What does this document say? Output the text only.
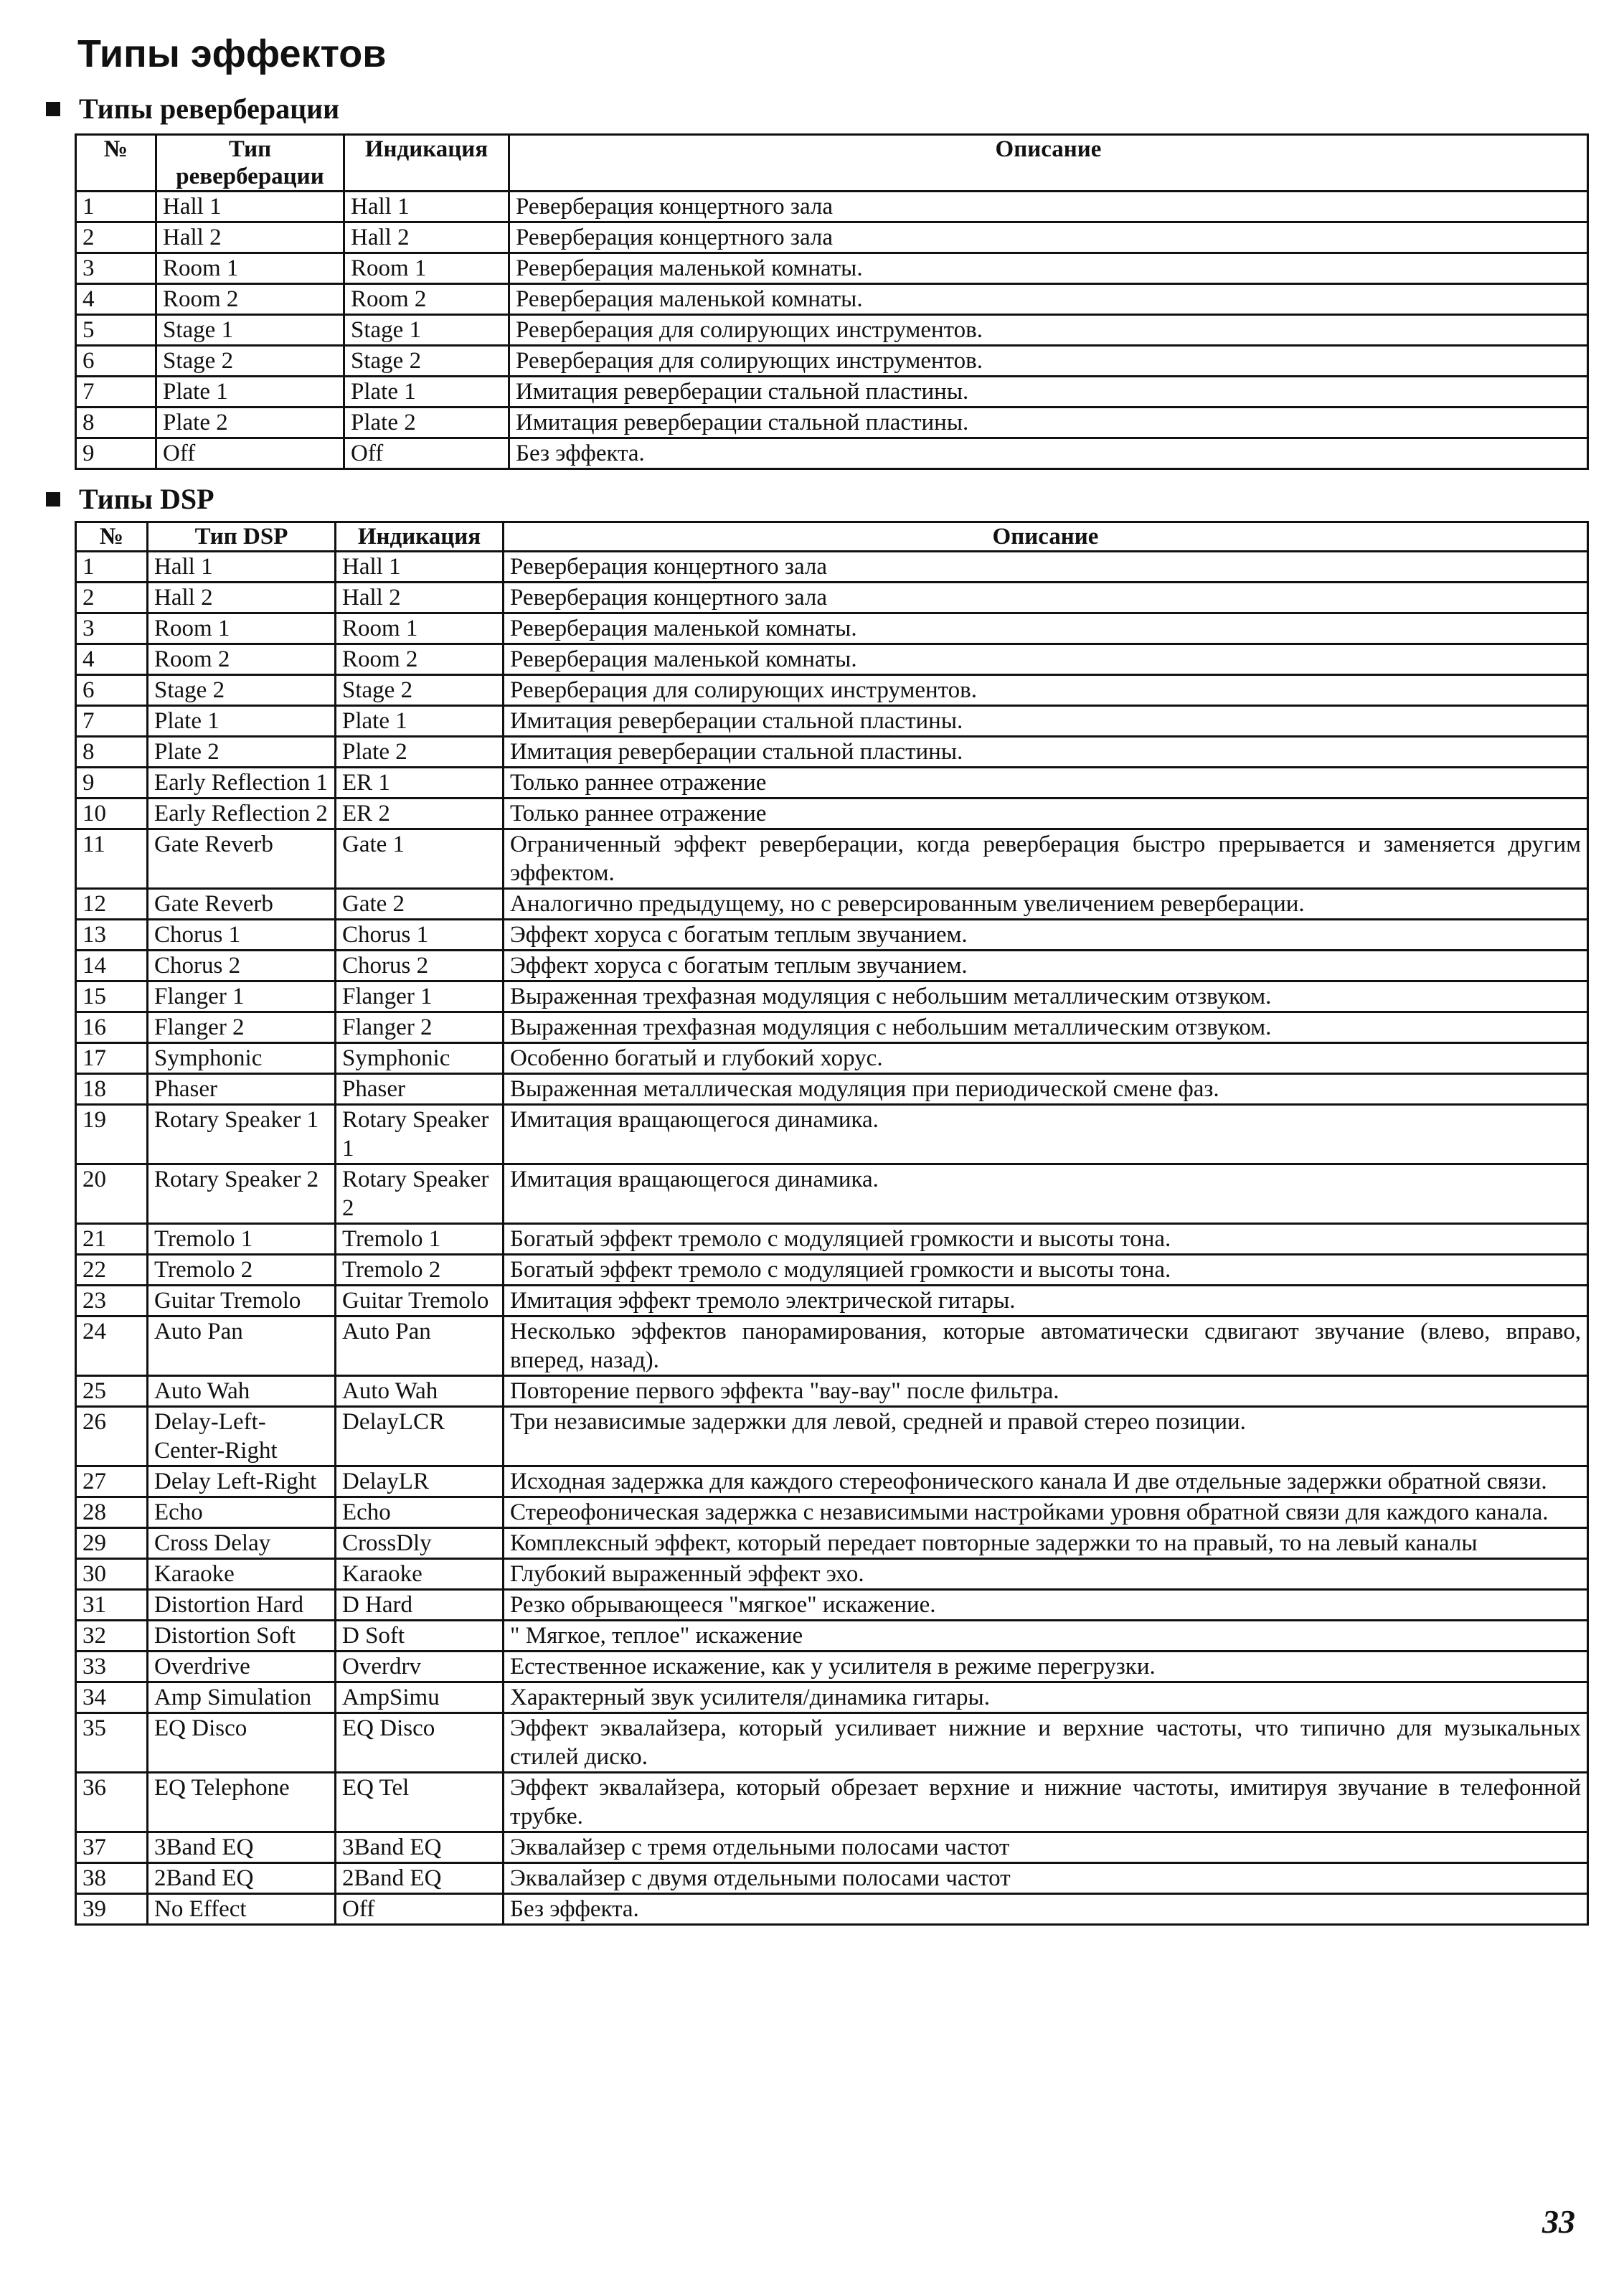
Типы эффектов
Типы реверберации
№	Тип реверберации	Индикация	Описание
1	Hall 1	Hall 1	Реверберация концертного зала
2	Hall 2	Hall 2	Реверберация концертного зала
3	Room 1	Room 1	Реверберация маленькой комнаты.
4	Room 2	Room 2	Реверберация маленькой комнаты.
5	Stage 1	Stage 1	Реверберация для солирующих инструментов.
6	Stage 2	Stage 2	Реверберация для солирующих инструментов.
7	Plate 1	Plate 1	Имитация реверберации стальной пластины.
8	Plate 2	Plate 2	Имитация реверберации стальной пластины.
9	Off	Off	Без эффекта.
Типы DSP
№	Тип DSP	Индикация	Описание
1	Hall 1	Hall 1	Реверберация концертного зала
2	Hall 2	Hall 2	Реверберация концертного зала
3	Room 1	Room 1	Реверберация маленькой комнаты.
4	Room 2	Room 2	Реверберация маленькой комнаты.
6	Stage 2	Stage 2	Реверберация для солирующих инструментов.
7	Plate 1	Plate 1	Имитация реверберации стальной пластины.
8	Plate 2	Plate 2	Имитация реверберации стальной пластины.
9	Early Reflection 1	ER 1	Только раннее отражение
10	Early Reflection 2	ER 2	Только раннее отражение
11	Gate Reverb	Gate 1	Ограниченный эффект реверберации, когда реверберация быстро прерывается и заменяется другим эффектом.
12	Gate Reverb	Gate 2	Аналогично предыдущему, но с реверсированным увеличением реверберации.
13	Chorus 1	Chorus 1	Эффект хоруса с богатым теплым звучанием.
14	Chorus 2	Chorus 2	Эффект хоруса с богатым теплым звучанием.
15	Flanger 1	Flanger 1	Выраженная трехфазная модуляция с небольшим металлическим отзвуком.
16	Flanger 2	Flanger 2	Выраженная трехфазная модуляция с небольшим металлическим отзвуком.
17	Symphonic	Symphonic	Особенно богатый и глубокий хорус.
18	Phaser	Phaser	Выраженная металлическая модуляция при периодической смене фаз.
19	Rotary Speaker 1	Rotary Speaker 1	Имитация вращающегося динамика.
20	Rotary Speaker 2	Rotary Speaker 2	Имитация вращающегося динамика.
21	Tremolo 1	Tremolo 1	Богатый эффект тремоло с модуляцией громкости и высоты тона.
22	Tremolo 2	Tremolo 2	Богатый эффект тремоло с модуляцией громкости и высоты тона.
23	Guitar Tremolo	Guitar Tremolo	Имитация эффект тремоло электрической гитары.
24	Auto Pan	Auto Pan	Несколько эффектов панорамирования, которые автоматически сдвигают звучание (влево, вправо, вперед, назад).
25	Auto Wah	Auto Wah	Повторение первого эффекта "вау-вау" после фильтра.
26	Delay-Left-Center-Right	DelayLCR	Три независимые задержки для левой, средней и правой стерео позиции.
27	Delay Left-Right	DelayLR	Исходная задержка для каждого стереофонического канала И две отдельные задержки обратной связи.
28	Echo	Echo	Стереофоническая задержка с независимыми настройками уровня обратной связи для каждого канала.
29	Cross Delay	CrossDly	Комплексный эффект, который передает повторные задержки то на правый, то на левый каналы
30	Karaoke	Karaoke	Глубокий выраженный эффект эхо.
31	Distortion Hard	D Hard	Резко обрывающееся "мягкое" искажение.
32	Distortion Soft	D Soft	" Мягкое, теплое" искажение
33	Overdrive	Overdrv	Естественное искажение, как у усилителя в режиме перегрузки.
34	Amp Simulation	AmpSimu	Характерный звук усилителя/динамика гитары.
35	EQ Disco	EQ Disco	Эффект эквалайзера, который усиливает нижние и верхние частоты, что типично для музыкальных стилей диско.
36	EQ Telephone	EQ Tel	Эффект эквалайзера, который обрезает верхние и нижние частоты, имитируя звучание в телефонной трубке.
37	3Band EQ	3Band EQ	Эквалайзер с тремя отдельными полосами частот
38	2Band EQ	2Band EQ	Эквалайзер с двумя отдельными полосами частот
39	No Effect	Off	Без эффекта.
33
